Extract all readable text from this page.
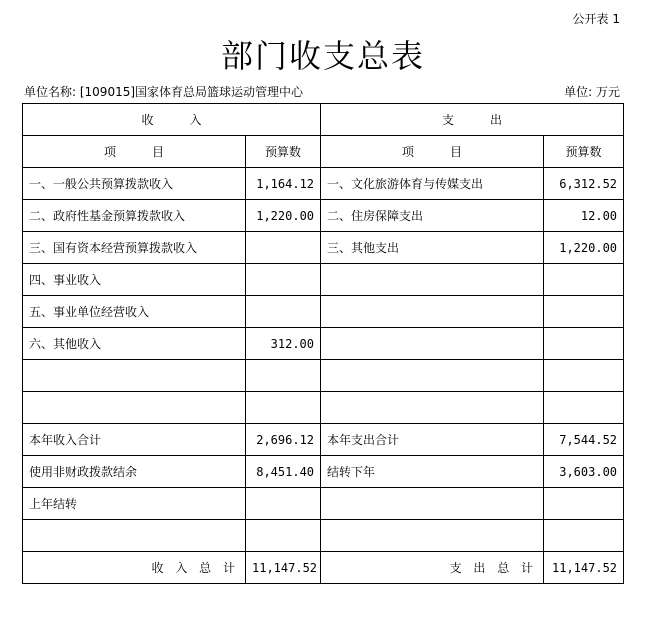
公开表 1
部门收支总表
单位名称: [109015]国家体育总局篮球运动管理中心	单位: 万元
收　　　入		支　　　出	
项　　　目	预算数	项　　　目	预算数
一、一般公共预算拨款收入	1,164.12	一、文化旅游体育与传媒支出	6,312.52
二、政府性基金预算拨款收入	1,220.00	二、住房保障支出	12.00
三、国有资本经营预算拨款收入		三、其他支出	1,220.00
四、事业收入			
五、事业单位经营收入			
六、其他收入	312.00		

本年收入合计	2,696.12	本年支出合计	7,544.52
使用非财政拨款结余	8,451.40	结转下年	3,603.00
上年结转			

收 入 总 计	11,147.52	支 出 总 计	11,147.52
